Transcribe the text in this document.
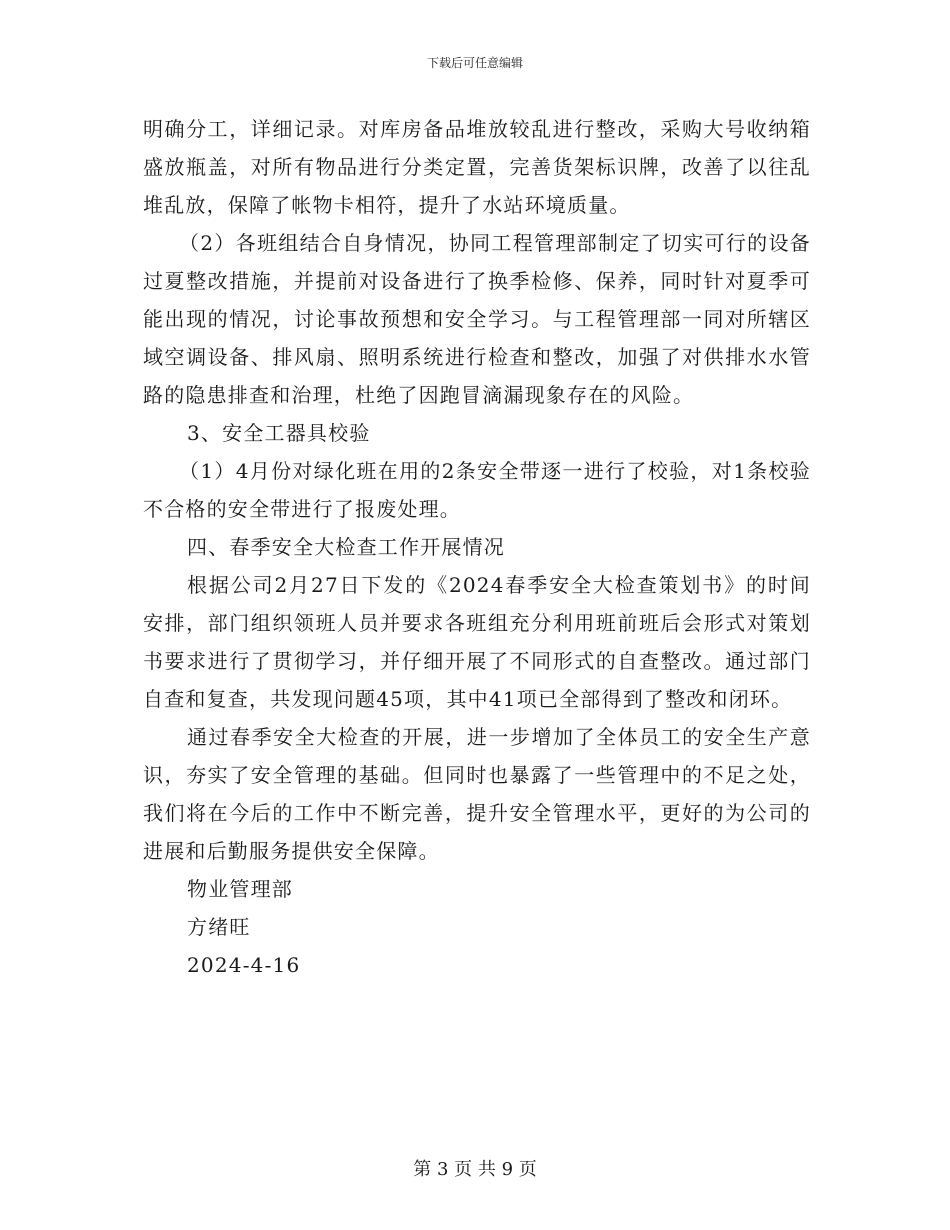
下载后可任意编辑

明确分工，详细记录。对库房备品堆放较乱进行整改，采购大号收纳箱盛放瓶盖，对所有物品进行分类定置，完善货架标识牌，改善了以往乱堆乱放，保障了帐物卡相符，提升了水站环境质量。

（2）各班组结合自身情况，协同工程管理部制定了切实可行的设备过夏整改措施，并提前对设备进行了换季检修、保养，同时针对夏季可能出现的情况，讨论事故预想和安全学习。与工程管理部一同对所辖区域空调设备、排风扇、照明系统进行检查和整改，加强了对供排水水管路的隐患排查和治理，杜绝了因跑冒滴漏现象存在的风险。

3、安全工器具校验

（1）4月份对绿化班在用的2条安全带逐一进行了校验，对1条校验不合格的安全带进行了报废处理。

四、春季安全大检查工作开展情况

根据公司2月27日下发的《2024春季安全大检查策划书》的时间安排，部门组织领班人员并要求各班组充分利用班前班后会形式对策划书要求进行了贯彻学习，并仔细开展了不同形式的自查整改。通过部门自查和复查，共发现问题45项，其中41项已全部得到了整改和闭环。

通过春季安全大检查的开展，进一步增加了全体员工的安全生产意识，夯实了安全管理的基础。但同时也暴露了一些管理中的不足之处，我们将在今后的工作中不断完善，提升安全管理水平，更好的为公司的进展和后勤服务提供安全保障。

物业管理部

方绪旺

2024-4-16

第 3 页 共 9 页
